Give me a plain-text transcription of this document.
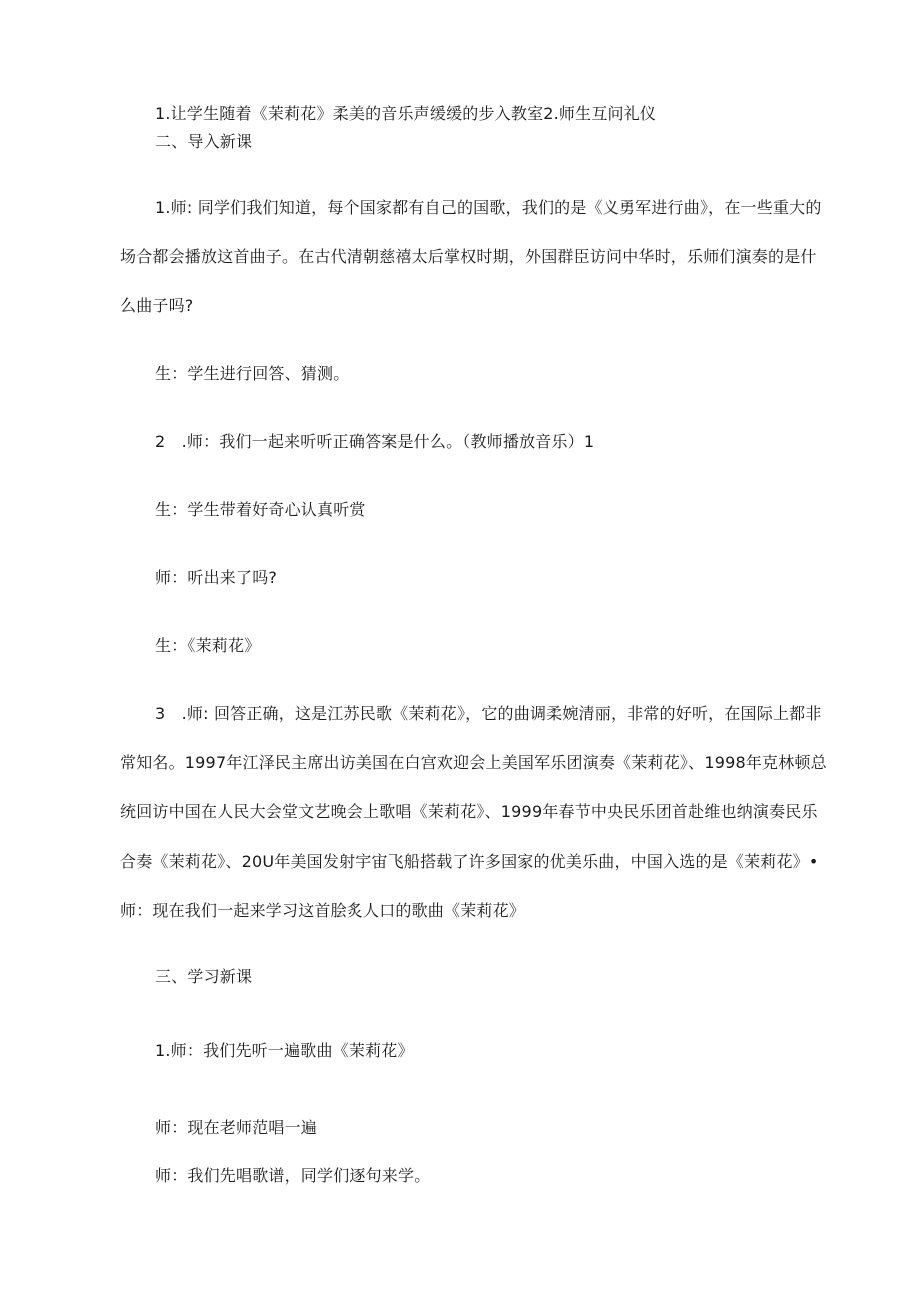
1.让学生随着《茉莉花》柔美的音乐声缓缓的步入教室2.师生互问礼仪

二、导入新课

1.师: 同学们我们知道，每个国家都有自己的国歌，我们的是《义勇军进行曲》，在一些重大的

场合都会播放这首曲子。在古代清朝慈禧太后掌权时期，外国群臣访问中华时，乐师们演奏的是什

么曲子吗?

生：学生进行回答、猜测。

2　.师：我们一起来听听正确答案是什么。（教师播放音乐）1

生：学生带着好奇心认真听赏

师：听出来了吗?

生：《茉莉花》

3　.师: 回答正确，这是江苏民歌《茉莉花》，它的曲调柔婉清丽，非常的好听，在国际上都非

常知名。1997年江泽民主席出访美国在白宫欢迎会上美国军乐团演奏《茉莉花》、1998年克林顿总

统回访中国在人民大会堂文艺晚会上歌唱《茉莉花》、1999年春节中央民乐团首赴维也纳演奏民乐

合奏《茉莉花》、20U年美国发射宇宙飞船搭载了许多国家的优美乐曲，中国入选的是《茉莉花》•

师：现在我们一起来学习这首脍炙人口的歌曲《茉莉花》

三、学习新课

1.师：我们先听一遍歌曲《茉莉花》

师：现在老师范唱一遍

师：我们先唱歌谱，同学们逐句来学。
